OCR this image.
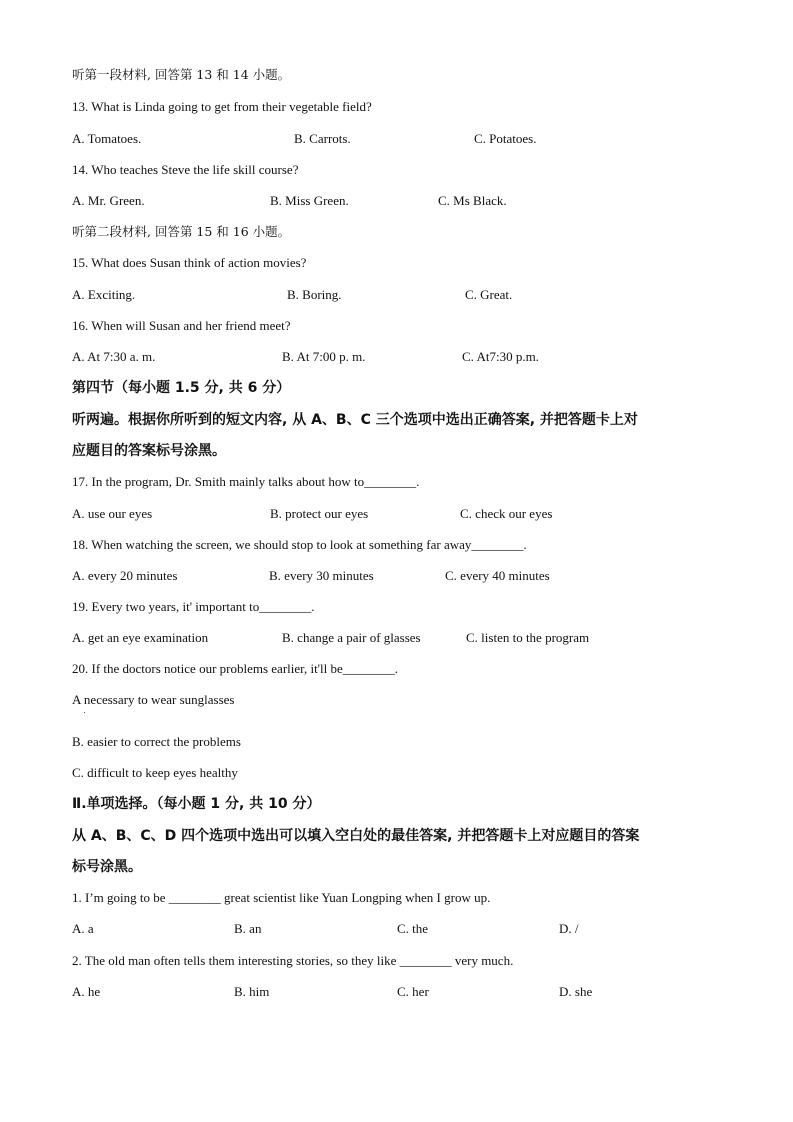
听第一段材料, 回答第 13 和 14 小题。
13. What is Linda going to get from their vegetable field?
A. Tomatoes.	B. Carrots.	C. Potatoes.
14. Who teaches Steve the life skill course?
A. Mr. Green.	B. Miss Green.	C. Ms Black.
听第二段材料, 回答第 15 和 16 小题。
15. What does Susan think of action movies?
A. Exciting.	B. Boring.	C. Great.
16. When will Susan and her friend meet?
A. At 7:30 a. m.	B. At 7:00 p. m.	C. At7:30 p.m.
第四节（每小题 1.5 分, 共 6 分）
听两遍。根据你所听到的短文内容, 从 A、B、C 三个选项中选出正确答案, 并把答题卡上对
应题目的答案标号涂黑。
17. In the program, Dr. Smith mainly talks about how to________.
A. use our eyes	B. protect our eyes	C. check our eyes
18. When watching the screen, we should stop to look at something far away________.
A. every 20 minutes	B. every 30 minutes	C. every 40 minutes
19. Every two years, it' important to________.
A. get an eye examination	B. change a pair of glasses	C. listen to the program
20. If the doctors notice our problems earlier, it'll be________.
A necessary to wear sunglasses
B. easier to correct the problems
C. difficult to keep eyes healthy
Ⅱ.单项选择。（每小题 1 分, 共 10 分）
从 A、B、C、D 四个选项中选出可以填入空白处的最佳答案, 并把答题卡上对应题目的答案
标号涂黑。
1. I’m going to be ________ great scientist like Yuan Longping when I grow up.
A. a	B. an	C. the	D. /
2. The old man often tells them interesting stories, so they like ________ very much.
A. he	B. him	C. her	D. she
